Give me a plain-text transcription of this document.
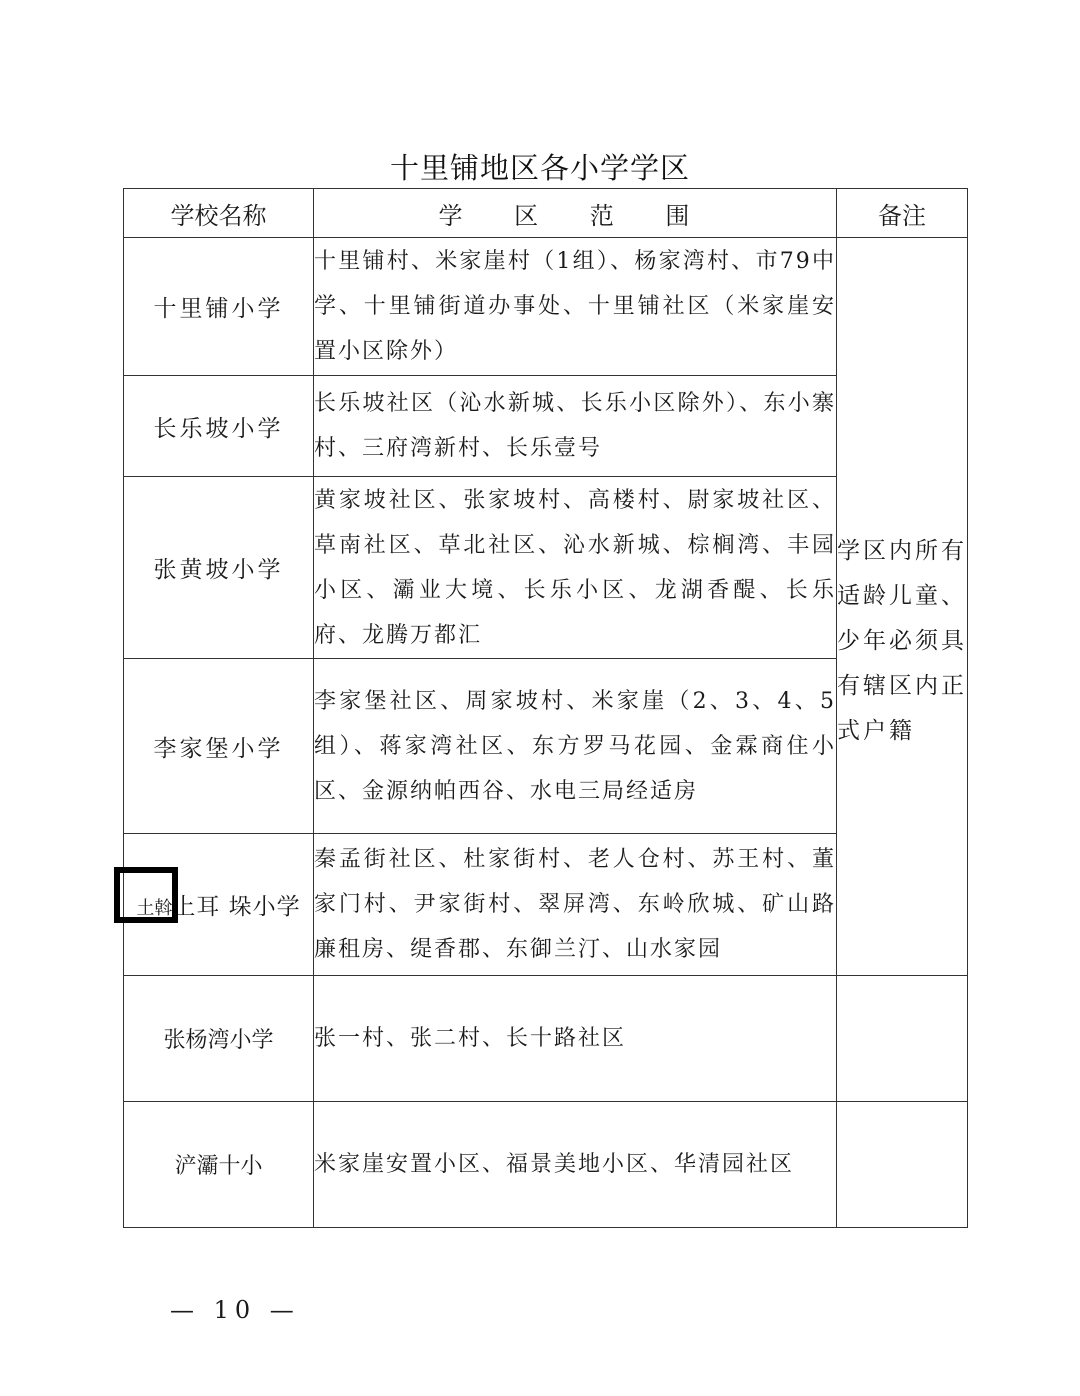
十里铺地区各小学学区
学校名称	学 区 范 围	备注
十里铺小学	十里铺村、米家崖村（1组）、杨家湾村、市79中学、十里铺街道办事处、十里铺社区（米家崖安置小区除外）	学区内所有适龄儿童、少年必须具有辖区内正式户籍
长乐坡小学	长乐坡社区（沁水新城、长乐小区除外）、东小寨村、三府湾新村、长乐壹号	
张黄坡小学	黄家坡社区、张家坡村、高楼村、尉家坡社区、草南社区、草北社区、沁水新城、棕榈湾、丰园小区、灞业大境、长乐小区、龙湖香醍、长乐府、龙腾万都汇	
李家堡小学	李家堡社区、周家坡村、米家崖（2、3、4、5组）、蒋家湾社区、东方罗马花园、金霖商住小区、金源纳帕西谷、水电三局经适房	

土斡上耳 垛小学	秦孟街社区、杜家街村、老人仓村、苏王村、董家门村、尹家街村、翠屏湾、东岭欣城、矿山路廉租房、缇香郡、东御兰汀、山水家园	
张杨湾小学	张一村、张二村、长十路社区	
浐灞十小	米家崖安置小区、福景美地小区、华清园社区	
— 10 —
